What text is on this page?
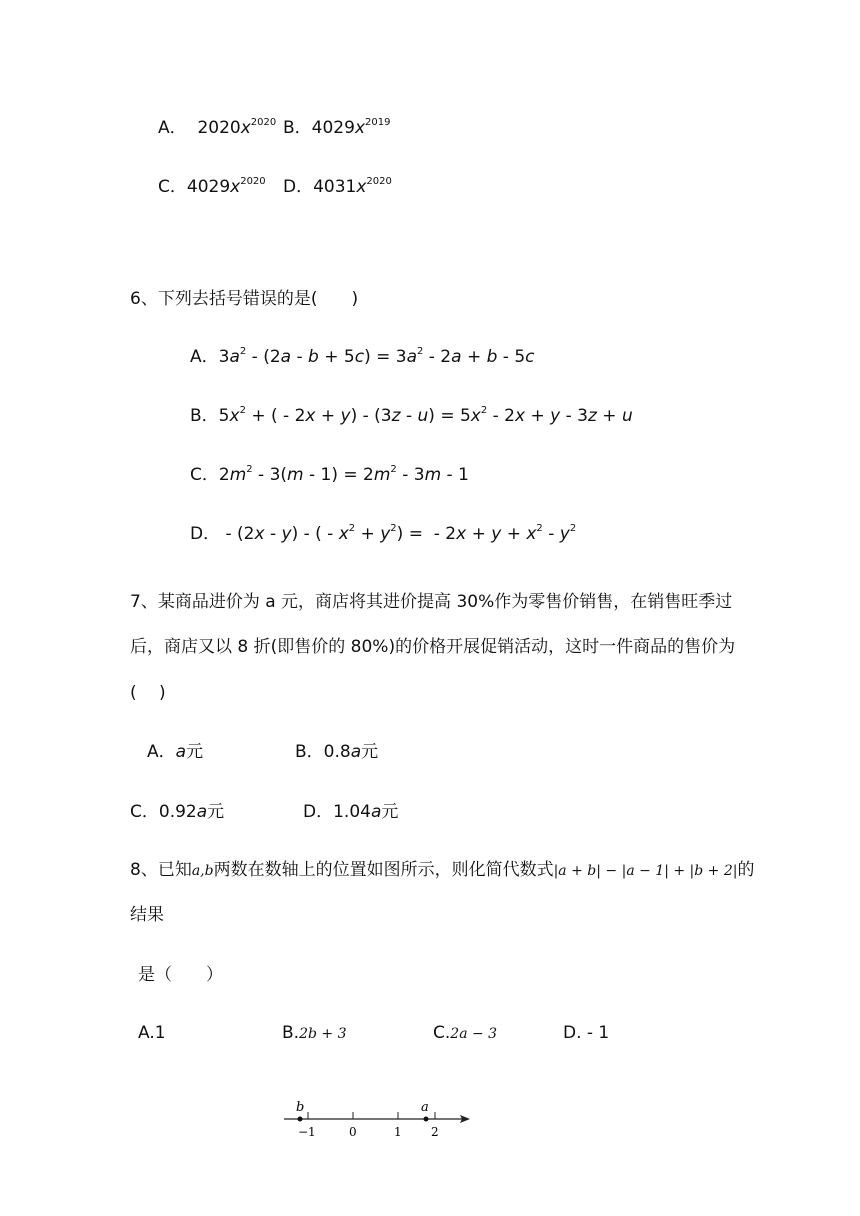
A． $2020x^{2020}$ B．$4029x^{2019}$
C．$4029x^{2020}$ D．$4031x^{2020}$
6、下列去括号错误的是(　　)
A．$3a^2 - (2a - b + 5c) = 3a^2 - 2a + b - 5c$
B．$5x^2$ + ( - $2x + y) - (3z - u) = 5x^2 - 2x + y - 3z + u$
C．$2m^2 - 3(m - 1) = 2m^2 - 3m - 1$
D． - (2x - y) - ( - $x^2 + y^2$) =  - $2x + y + x^2 - y^2$
7、某商品进价为 a 元，商店将其进价提高 30%作为零售价销售，在销售旺季过
后，商店又以 8 折(即售价的 80%)的价格开展促销活动，这时一件商品的售价为
(　 )
A．a元	B．0.8a元
C．0.92a元	D．1.04a元
8、已知a,b两数在数轴上的位置如图所示，则化简代数式|a + b| − |a − 1| + |b + 2|的
结果
是（　　）
A.1	B.2b + 3	C.2a − 3	D. - 1
b	a
−1	0	1 2
